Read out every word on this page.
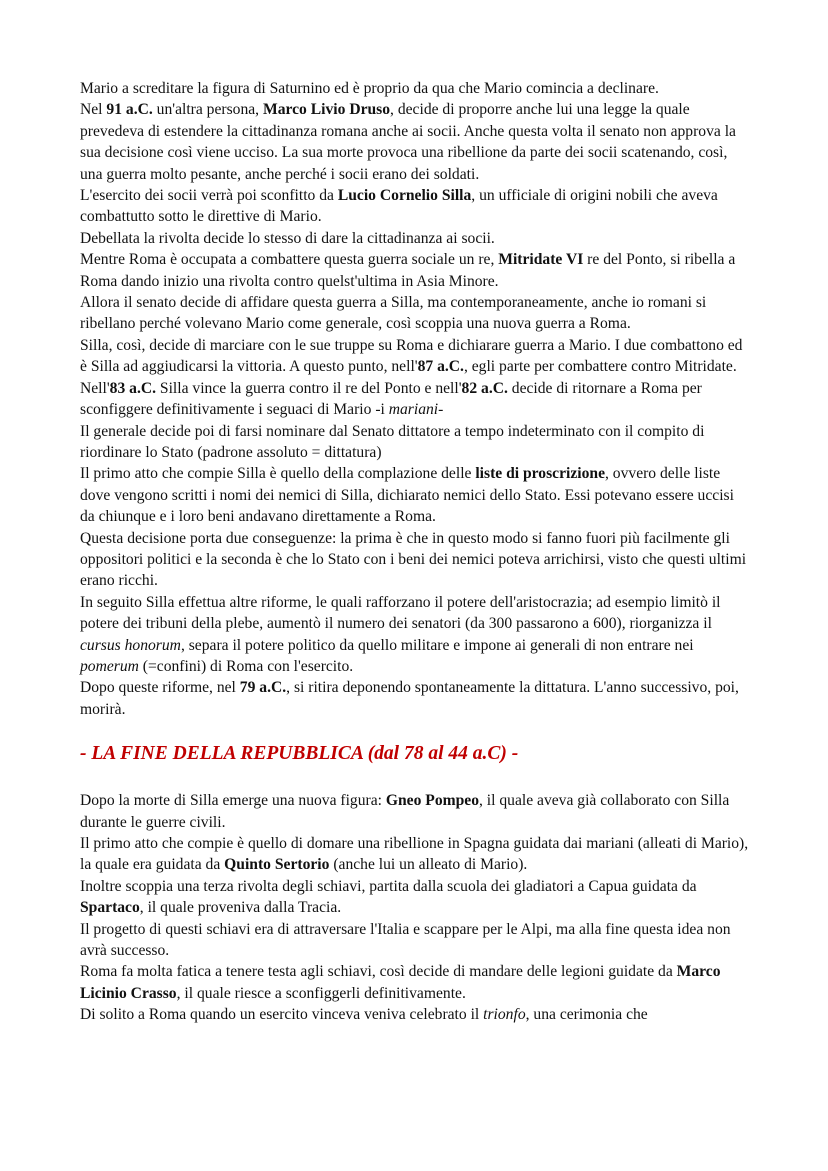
Mario a screditare la figura di Saturnino ed è proprio da qua che Mario comincia a declinare.

Nel 91 a.C. un'altra persona, Marco Livio Druso, decide di proporre anche lui una legge la quale prevedeva di estendere la cittadinanza romana anche ai socii. Anche questa volta il senato non approva la sua decisione così viene ucciso. La sua morte provoca una ribellione da parte dei socii scatenando, così, una guerra molto pesante, anche perché i socii erano dei soldati.

L'esercito dei socii verrà poi sconfitto da Lucio Cornelio Silla, un ufficiale di origini nobili che aveva combattutto sotto le direttive di Mario.

Debellata la rivolta decide lo stesso di dare la cittadinanza ai socii.

Mentre Roma è occupata a combattere questa guerra sociale un re, Mitridate VI re del Ponto, si ribella a Roma dando inizio una rivolta contro quelst'ultima in Asia Minore.

Allora il senato decide di affidare questa guerra a Silla, ma contemporaneamente, anche io romani si ribellano perché volevano Mario come generale, così scoppia una nuova guerra a Roma.

Silla, così, decide di marciare con le sue truppe su Roma e dichiarare guerra a Mario. I due combattono ed è Silla ad aggiudicarsi la vittoria. A questo punto, nell'87 a.C., egli parte per combattere contro Mitridate.

Nell'83 a.C. Silla vince la guerra contro il re del Ponto e nell'82 a.C. decide di ritornare a Roma per sconfiggere definitivamente i seguaci di Mario -i mariani-

Il generale decide poi di farsi nominare dal Senato dittatore a tempo indeterminato con il compito di riordinare lo Stato (padrone assoluto = dittatura)

Il primo atto che compie Silla è quello della complazione delle liste di proscrizione, ovvero delle liste dove vengono scritti i nomi dei nemici di Silla, dichiarato nemici dello Stato. Essi potevano essere uccisi da chiunque e i loro beni andavano direttamente a Roma.

Questa decisione porta due conseguenze: la prima è che in questo modo si fanno fuori più facilmente gli oppositori politici e la seconda è che lo Stato con i beni dei nemici poteva arrichirsi, visto che questi ultimi erano ricchi.

In seguito Silla effettua altre riforme, le quali rafforzano il potere dell'aristocrazia; ad esempio limitò il potere dei tribuni della plebe, aumentò il numero dei senatori (da 300 passarono a 600), riorganizza il cursus honorum, separa il potere politico da quello militare e impone ai generali di non entrare nei pomerum (=confini) di Roma con l'esercito.

Dopo queste riforme, nel 79 a.C., si ritira deponendo spontaneamente la dittatura. L'anno successivo, poi, morirà.

- LA FINE DELLA REPUBBLICA (dal 78 al 44 a.C) -

Dopo la morte di Silla emerge una nuova figura: Gneo Pompeo, il quale aveva già collaborato con Silla durante le guerre civili.

Il primo atto che compie è quello di domare una ribellione in Spagna guidata dai mariani (alleati di Mario), la quale era guidata da Quinto Sertorio (anche lui un alleato di Mario).

Inoltre scoppia una terza rivolta degli schiavi, partita dalla scuola dei gladiatori a Capua guidata da Spartaco, il quale proveniva dalla Tracia.

Il progetto di questi schiavi era di attraversare l'Italia e scappare per le Alpi, ma alla fine questa idea non avrà successo.

Roma fa molta fatica a tenere testa agli schiavi, così decide di mandare delle legioni guidate da Marco Licinio Crasso, il quale riesce a sconfiggerli definitivamente.

Di solito a Roma quando un esercito vinceva veniva celebrato il trionfo, una cerimonia che
